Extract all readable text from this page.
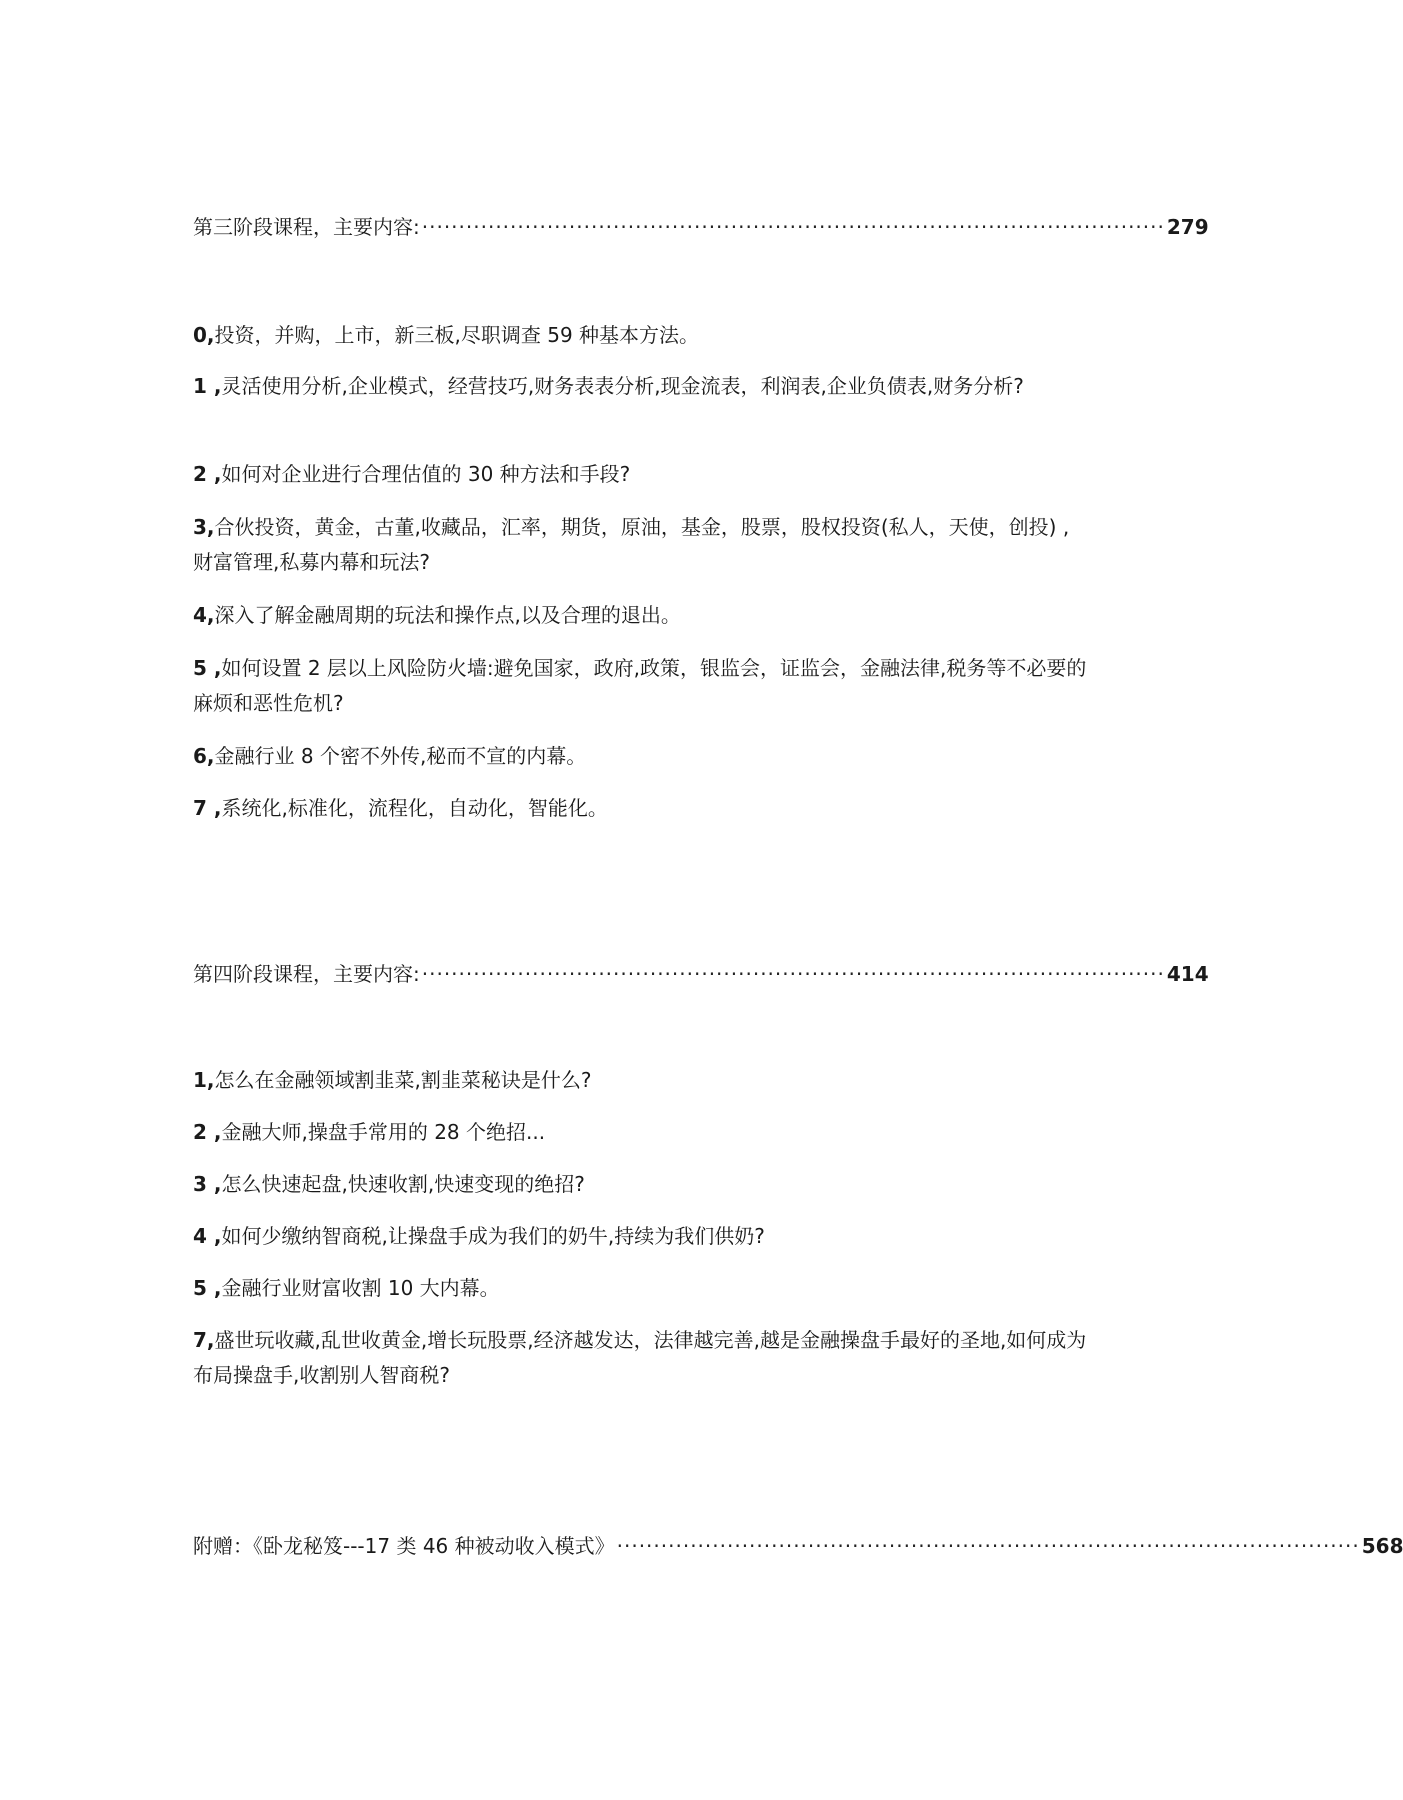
第三阶段课程，主要内容: ····································································································· 279

0,投资，并购，上市，新三板,尽职调查 59 种基本方法。

1 ,灵活使用分析,企业模式，经营技巧,财务表表分析,现金流表，利润表,企业负债表,财务分析?

2 ,如何对企业进行合理估值的 30 种方法和手段?

3,合伙投资，黄金，古董,收藏品，汇率，期货，原油，基金，股票，股权投资(私人，天使，创投) , 财富管理,私募内幕和玩法?

4,深入了解金融周期的玩法和操作点,以及合理的退出。

5 ,如何设置 2 层以上风险防火墙:避免国家，政府,政策，银监会，证监会，金融法律,税务等不必要的麻烦和恶性危机?

6,金融行业 8 个密不外传,秘而不宣的内幕。

7 ,系统化,标准化，流程化，自动化，智能化。

第四阶段课程，主要内容: ····································································································· 414

1,怎么在金融领域割韭菜,割韭菜秘诀是什么?

2 ,金融大师,操盘手常用的 28 个绝招...

3 ,怎么快速起盘,快速收割,快速变现的绝招?

4 ,如何少缴纳智商税,让操盘手成为我们的奶牛,持续为我们供奶?

5 ,金融行业财富收割 10 大内幕。

7,盛世玩收藏,乱世收黄金,增长玩股票,经济越发达，法律越完善,越是金融操盘手最好的圣地,如何成为布局操盘手,收割别人智商税?

附赠：《卧龙秘笈---17 类 46 种被动收入模式》 ····································································································· 568
